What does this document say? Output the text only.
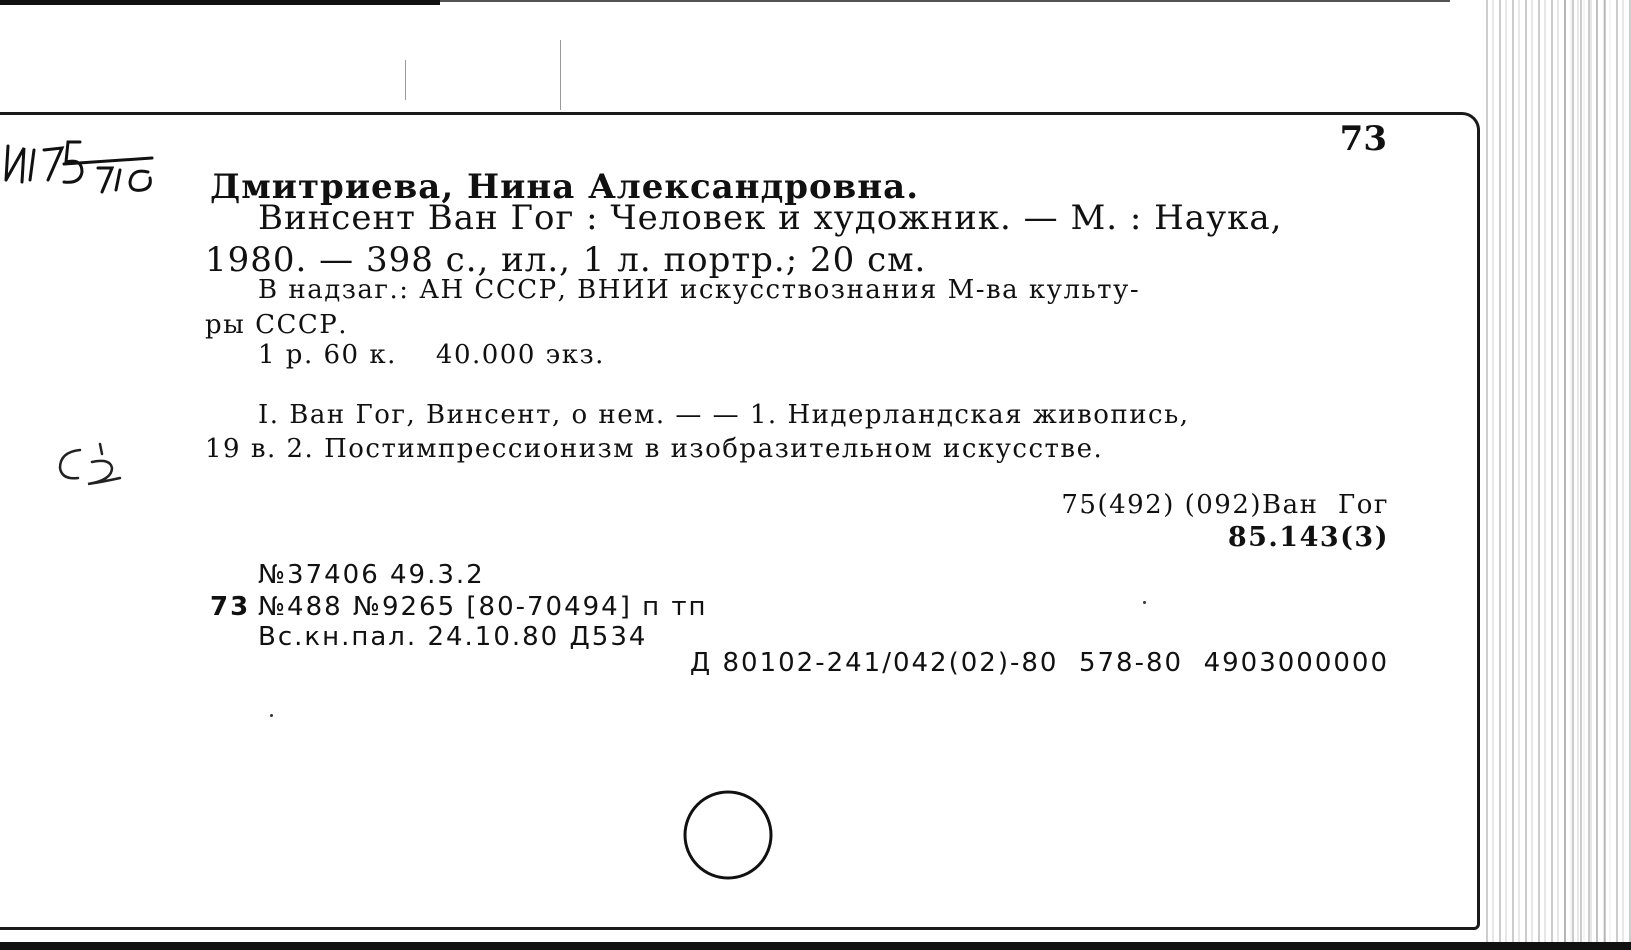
И175
710
73
Дмитриева, Нина Александровна.
Винсент Ван Гог : Человек и художник. — М. : Наука,
1980. — 398 с., ил., 1 л. портр.; 20 см.
В надзаг.: АН СССР, ВНИИ искусствознания М-ва культу-
ры СССР.
1 р. 60 к.    40.000 экз.
I. Ван Гог, Винсент, о нем. — — 1. Нидерландская живопись,
19 в. 2. Постимпрессионизм в изобразительном искусстве.
75(492) (092)Ван  Гог
85.143(3)
№37406 49.3.2
73 №488 №9265 [80-70494] п тп
Вс.кн.пал. 24.10.80 Д534
Д 80102-241/042(02)-80  578-80  4903000000
